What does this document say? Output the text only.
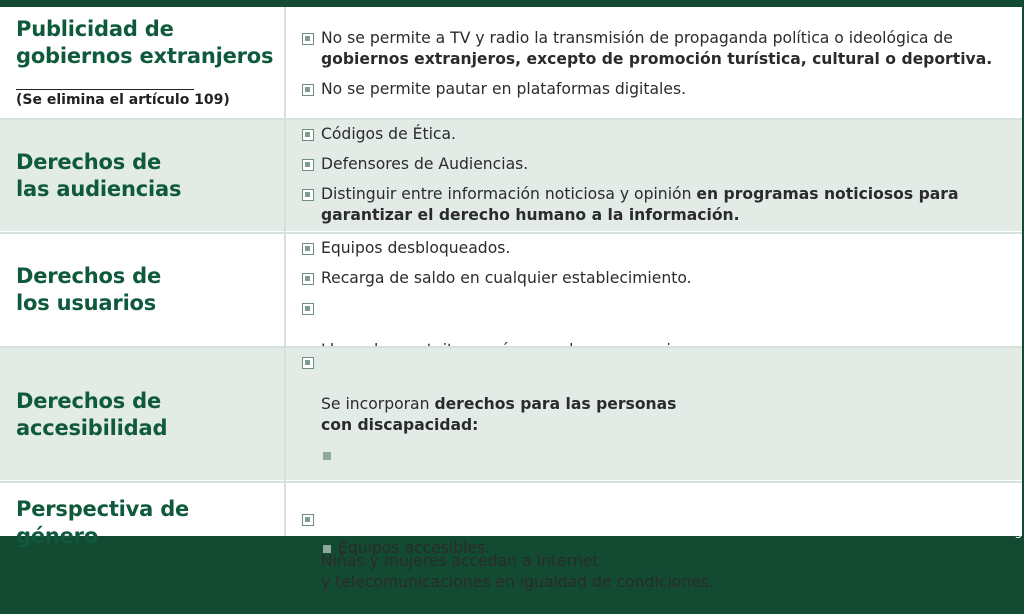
Publicidad de
gobiernos extranjeros
(Se elimina el artículo 109)
No se permite a TV y radio la transmisión de propaganda política o ideológica de gobiernos extranjeros, excepto de promoción turística, cultural o deportiva.
No se permite pautar en plataformas digitales.
Derechos de
las audiencias
Códigos de Ética.
Defensores de Audiencias.
Distinguir entre información noticiosa y opinión en programas noticiosos para garantizar el derecho humano a la información.
Derechos de
los usuarios
Equipos desbloqueados.
Recarga de saldo en cualquier establecimiento.

Derechos de
accesibilidad

Se incorporan derechos para las personas
con discapacidad:

Equipos accesibles.
Perspectiva de género

Niñas y mujeres accedan a Internet
y telecomunicaciones en igualdad de condiciones.

3
